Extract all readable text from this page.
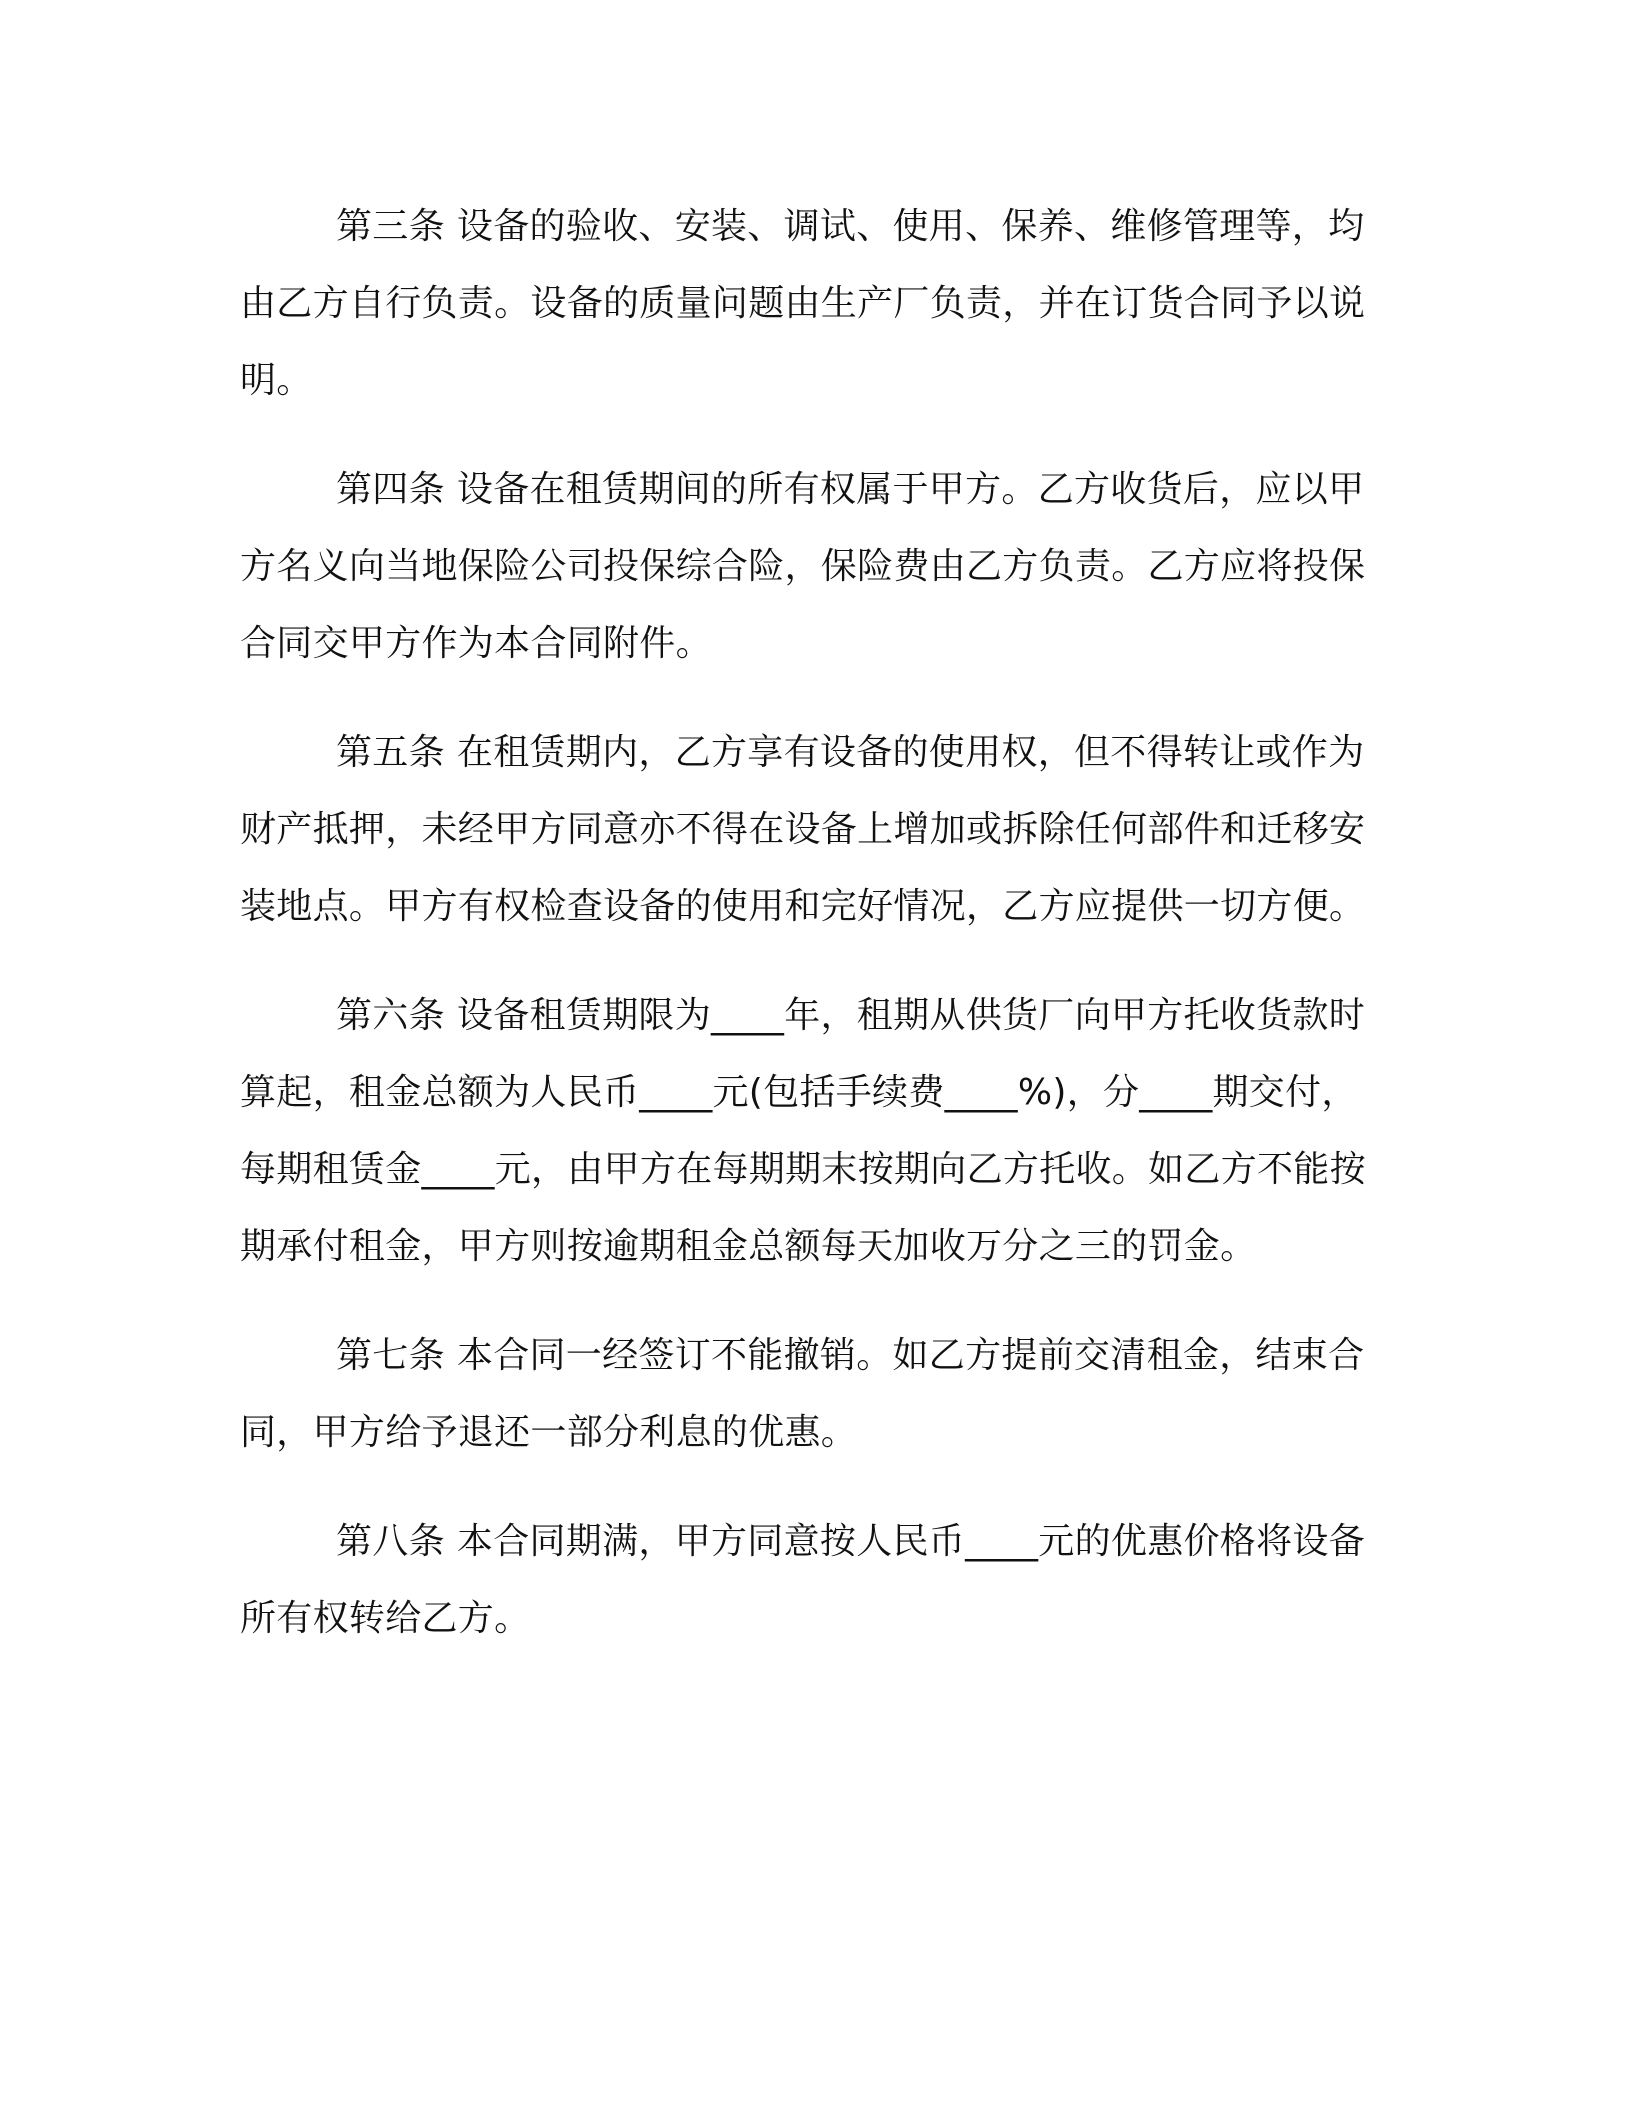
第三条 设备的验收、安装、调试、使用、保养、维修管理等，均由乙方自行负责。设备的质量问题由生产厂负责，并在订货合同予以说明。

第四条 设备在租赁期间的所有权属于甲方。乙方收货后，应以甲方名义向当地保险公司投保综合险，保险费由乙方负责。乙方应将投保合同交甲方作为本合同附件。

第五条 在租赁期内，乙方享有设备的使用权，但不得转让或作为财产抵押，未经甲方同意亦不得在设备上增加或拆除任何部件和迁移安装地点。甲方有权检查设备的使用和完好情况，乙方应提供一切方便。

第六条 设备租赁期限为____年，租期从供货厂向甲方托收货款时算起，租金总额为人民币____元(包括手续费____%)，分____期交付，每期租赁金____元，由甲方在每期期末按期向乙方托收。如乙方不能按期承付租金，甲方则按逾期租金总额每天加收万分之三的罚金。

第七条 本合同一经签订不能撤销。如乙方提前交清租金，结束合同，甲方给予退还一部分利息的优惠。

第八条 本合同期满，甲方同意按人民币____元的优惠价格将设备所有权转给乙方。
